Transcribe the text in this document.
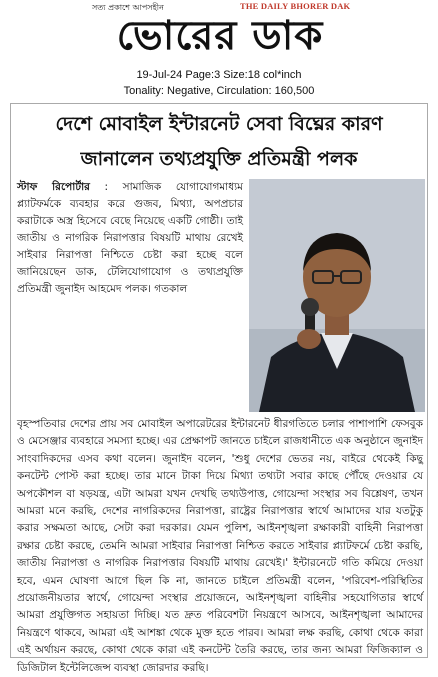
সত্য প্রকাশে আপসহীন	THE DAILY BHORER DAK
ভোরের ডাক
19-Jul-24 Page:3 Size:18 col*inch
Tonality: Negative, Circulation: 160,500
দেশে মোবাইল ইন্টারনেট সেবা বিঘ্নের কারণ
জানালেন তথ্যপ্রযুক্তি প্রতিমন্ত্রী পলক
স্টাফ রিপোর্টার : সামাজিক যোগাযোগমাধ্যম প্ল্যাটফর্মকে ব্যবহার করে গুজব, মিথ্যা, অপপ্রচার করাটাকে অস্ত্র হিসেবে বেছে নিয়েছে একটি গোষ্ঠী। তাই জাতীয় ও নাগরিক নিরাপত্তার বিষয়টি মাথায় রেখেই সাইবার নিরাপত্তা নিশ্চিতে চেষ্টা করা হচ্ছে বলে জানিয়েছেন ডাক, টেলিযোগাযোগ ও তথ্যপ্রযুক্তি প্রতিমন্ত্রী জুনাইদ আহমেদ পলক। গতকাল
বৃহস্পতিবার দেশের প্রায় সব মোবাইল অপারেটরের ইন্টারনেট ধীরগতিতে চলার পাশাপাশি ফেসবুক ও মেসেঞ্জার ব্যবহারে সমস্যা হচ্ছে। এর প্রেক্ষাপট জানতে চাইলে রাজধানীতে এক অনুষ্ঠানে জুনাইদ সাংবাদিকদের এসব কথা বলেন। জুনাইদ বলেন, 'শুধু দেশের ভেতর নয়, বাইরে থেকেই কিছু কনটেন্ট পোস্ট করা হচ্ছে। তার মানে টাকা দিয়ে মিথ্যা তথ্যটা সবার কাছে পৌঁছে দেওয়ার যে অপকৌশল বা ষড়যন্ত্র, এটা আমরা যখন দেখছি তথ্যউপাত্ত, গোয়েন্দা সংস্থার সব বিশ্লেষণ, তখন আমরা মনে করছি, দেশের নাগরিকদের নিরাপত্তা, রাষ্ট্রের নিরাপত্তার স্বার্থে আমাদের যার যতটুকু করার সক্ষমতা আছে, সেটা করা দরকার। যেমন পুলিশ, আইনশৃঙ্খলা রক্ষাকারী বাহিনী নিরাপত্তা রক্ষার চেষ্টা করছে, তেমনি আমরা সাইবার নিরাপত্তা নিশ্চিত করতে সাইবার প্ল্যাটফর্মে চেষ্টা করছি, জাতীয় নিরাপত্তা ও নাগরিক নিরাপত্তার বিষয়টি মাথায় রেখেই।' ইন্টারনেটে গতি কমিয়ে দেওয়া হবে, এমন ঘোষণা আগে ছিল কি না, জানতে চাইলে প্রতিমন্ত্রী বলেন, 'পরিবেশ-পরিস্থিতির প্রয়োজনীয়তার স্বার্থে, গোয়েন্দা সংস্থার প্রয়োজনে, আইনশৃঙ্খলা বাহিনীর সহযোগিতার স্বার্থে আমরা প্রযুক্তিগত সহায়তা দিচ্ছি। যত দ্রুত পরিবেশটা নিয়ন্ত্রণে আসবে, আইনশৃঙ্খলা আমাদের নিয়ন্ত্রণে থাকবে, আমরা এই আশঙ্কা থেকে মুক্ত হতে পারব। আমরা লক্ষ করছি, কোথা থেকে কারা এই অর্থায়ন করছে, কোথা থেকে কারা এই কনটেন্ট তৈরি করছে, তার জন্য আমরা ফিজিক্যাল ও ডিজিটাল ইন্টেলিজেন্স ব্যবস্থা জোরদার করছি।
